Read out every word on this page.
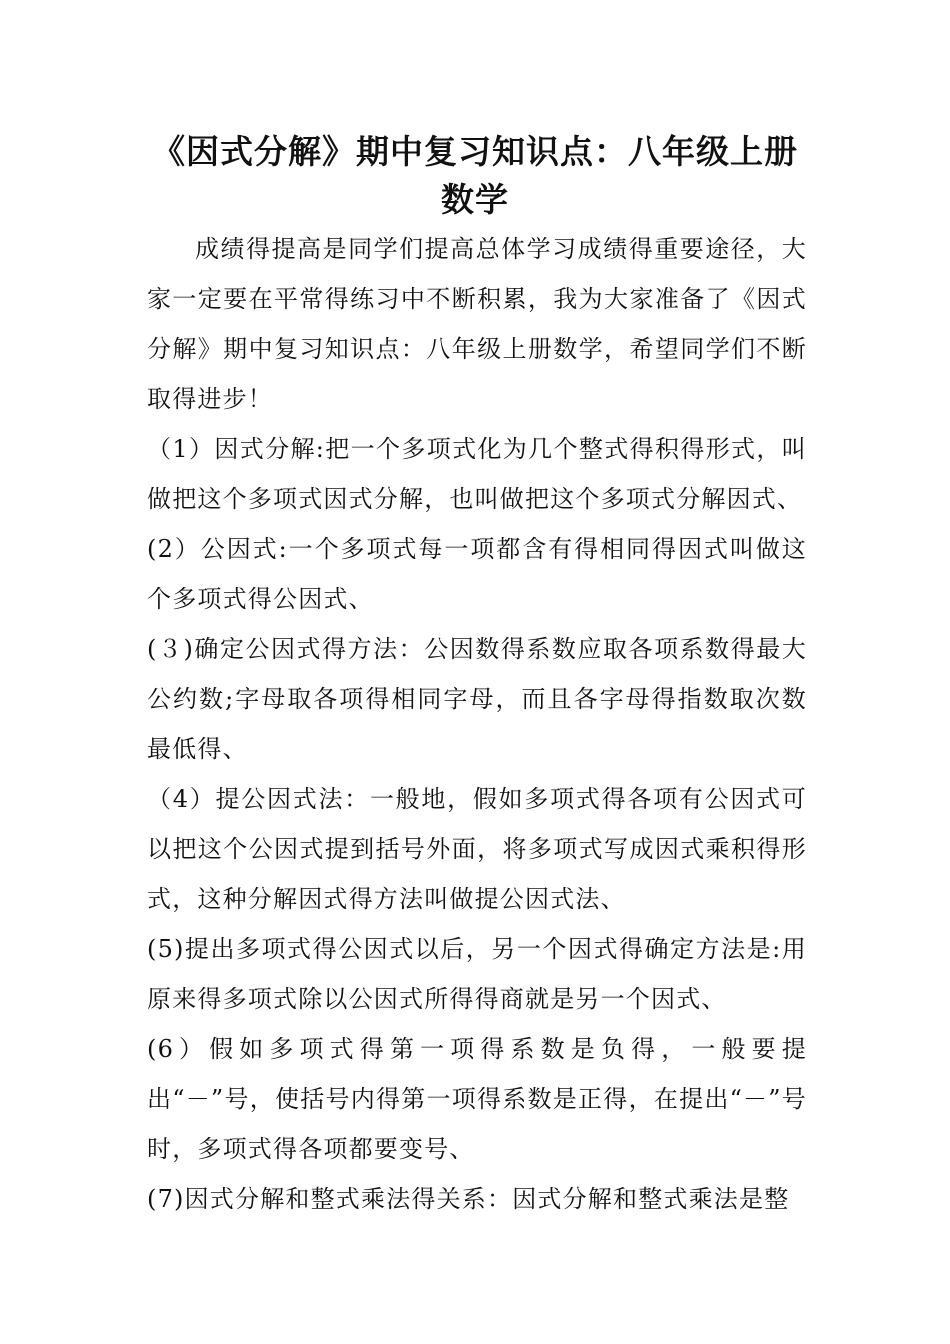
《因式分解》期中复习知识点：八年级上册数学

成绩得提高是同学们提高总体学习成绩得重要途径，大家一定要在平常得练习中不断积累，我为大家准备了《因式分解》期中复习知识点：八年级上册数学，希望同学们不断取得进步！

（1）因式分解:把一个多项式化为几个整式得积得形式，叫做把这个多项式因式分解，也叫做把这个多项式分解因式、

(2）公因式:一个多项式每一项都含有得相同得因式叫做这个多项式得公因式、

(３)确定公因式得方法：公因数得系数应取各项系数得最大公约数;字母取各项得相同字母，而且各字母得指数取次数最低得、

（4）提公因式法：一般地，假如多项式得各项有公因式可以把这个公因式提到括号外面，将多项式写成因式乘积得形式，这种分解因式得方法叫做提公因式法、

(5)提出多项式得公因式以后，另一个因式得确定方法是:用原来得多项式除以公因式所得得商就是另一个因式、

(6）假如多项式得第一项得系数是负得，一般要提出“－”号，使括号内得第一项得系数是正得，在提出“－”号时，多项式得各项都要变号、

(7)因式分解和整式乘法得关系：因式分解和整式乘法是整
